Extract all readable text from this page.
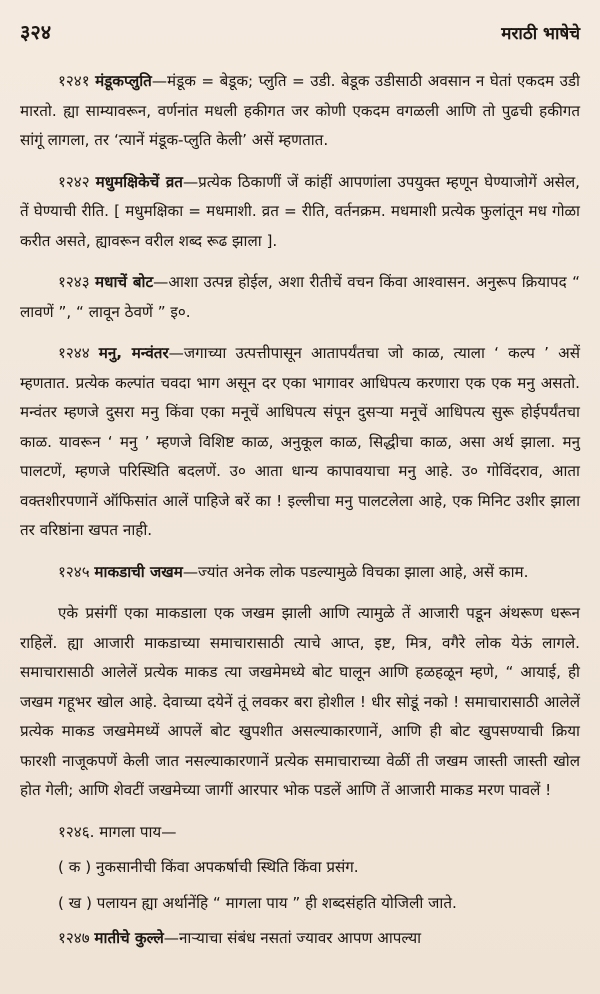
३२४	मराठी भाषेचे

१२४१ मंडूकप्लुति—मंडूक = बेडूक; प्लुति = उडी. बेडूक उडीसाठी अवसान न घेतां एकदम उडी मारतो. ह्या साम्यावरून, वर्णनांत मधली हकीगत जर कोणी एकदम वगळली आणि तो पुढची हकीगत सांगूं लागला, तर ‘त्यानें मंडूक-प्लुति केली’ असें म्हणतात.

१२४२ मधुमक्षिकेचें व्रत—प्रत्येक ठिकाणीं जें कांहीं आपणांला उपयुक्त म्हणून घेण्याजोगें असेल, तें घेण्याची रीति. [ मधुमक्षिका = मधमाशी. व्रत = रीति, वर्तनक्रम. मधमाशी प्रत्येक फुलांतून मध गोळा करीत असते, ह्यावरून वरील शब्द रूढ झाला ].

१२४३ मधाचें बोट—आशा उत्पन्न होईल, अशा रीतीचें वचन किंवा आश्वासन. अनुरूप क्रियापद “ लावणें ”, “ लावून ठेवणें ” इ०.

१२४४ मनु, मन्वंतर—जगाच्या उत्पत्तीपासून आतापर्यंतचा जो काळ, त्याला ‘ कल्प ’ असें म्हणतात. प्रत्येक कल्पांत चवदा भाग असून दर एका भागावर आधिपत्य करणारा एक एक मनु असतो. मन्वंतर म्हणजे दुसरा मनु किंवा एका मनूचें आधिपत्य संपून दुसऱ्या मनूचें आधिपत्य सुरू होईपर्यंतचा काळ. यावरून ‘ मनु ’ म्हणजे विशिष्ट काळ, अनुकूल काळ, सिद्धीचा काळ, असा अर्थ झाला. मनु पालटणें, म्हणजे परिस्थिति बदलणें. उ० आता धान्य कापावयाचा मनु आहे. उ० गोविंदराव, आता वक्तशीरपणानें ऑफिसांत आलें पाहिजे बरें का ! इल्लीचा मनु पालटलेला आहे, एक मिनिट उशीर झाला तर वरिष्ठांना खपत नाही.

१२४५ माकडाची जखम—ज्यांत अनेक लोक पडल्यामुळे विचका झाला आहे, असें काम.

एके प्रसंगीं एका माकडाला एक जखम झाली आणि त्यामुळे तें आजारी पडून अंथरूण धरून राहिलें. ह्या आजारी माकडाच्या समाचारासाठी त्याचे आप्त, इष्ट, मित्र, वगैरे लोक येऊं लागले. समाचारासाठी आलेलें प्रत्येक माकड त्या जखमेमध्ये बोट घालून आणि हळहळून म्हणे, “ आयाई, ही जखम गहूभर खोल आहे. देवाच्या दयेनें तूं लवकर बरा होशील ! धीर सोडूं नको ! समाचारासाठी आलेलें प्रत्येक माकड जखमेमध्यें आपलें बोट खुपशीत असल्याकारणानें, आणि ही बोट खुपसण्याची क्रिया फारशी नाजूकपणें केली जात नसल्याकारणानें प्रत्येक समाचाराच्या वेळीं ती जखम जास्ती जास्ती खोल होत गेली; आणि शेवटीं जखमेच्या जागीं आरपार भोक पडलें आणि तें आजारी माकड मरण पावलें !

१२४६. मागला पाय—

( क ) नुकसानीची किंवा अपकर्षाची स्थिति किंवा प्रसंग.

( ख ) पलायन ह्या अर्थानेंहि “ मागला पाय ” ही शब्दसंहति योजिली जाते.

१२४७ मातीचे कुल्ले—नाऱ्याचा संबंध नसतां ज्यावर आपण आपल्या
